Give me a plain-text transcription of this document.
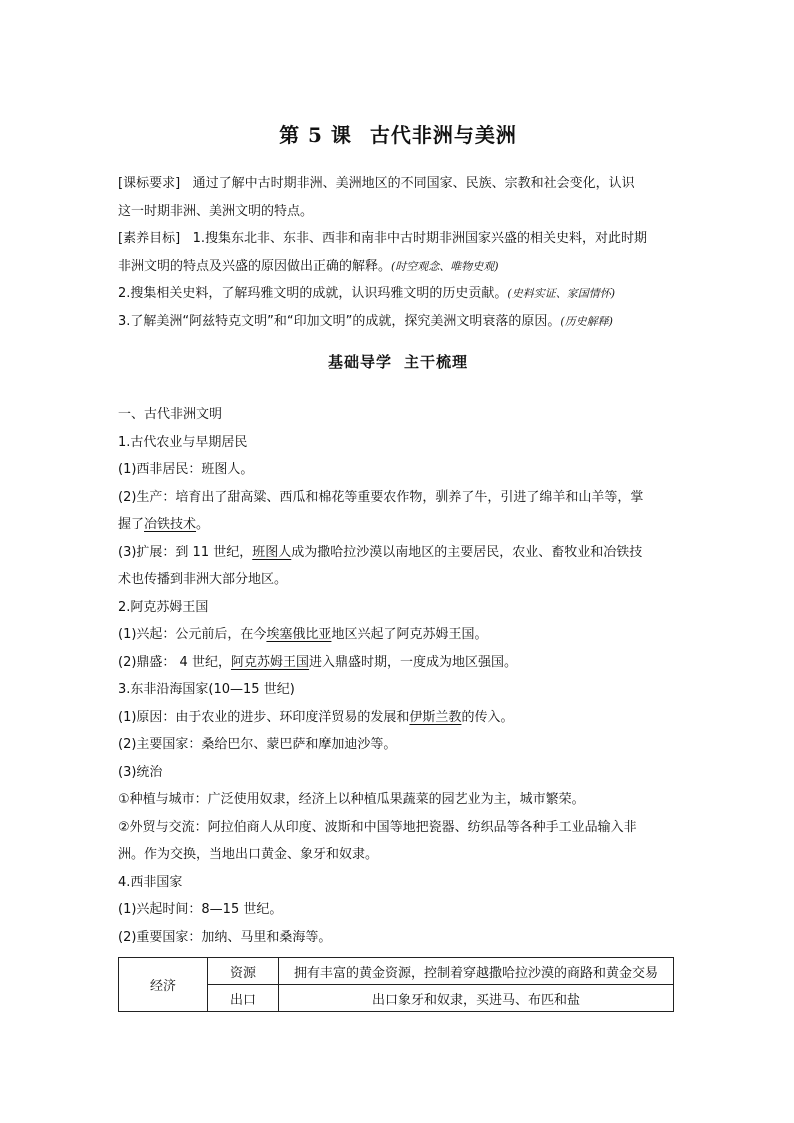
第 5 课 古代非洲与美洲

[课标要求] 通过了解中古时期非洲、美洲地区的不同国家、民族、宗教和社会变化，认识

这一时期非洲、美洲文明的特点。

[素养目标] 1.搜集东北非、东非、西非和南非中古时期非洲国家兴盛的相关史料，对此时期

非洲文明的特点及兴盛的原因做出正确的解释。(时空观念、唯物史观)

2.搜集相关史料，了解玛雅文明的成就，认识玛雅文明的历史贡献。(史料实证、家国情怀)

3.了解美洲“阿兹特克文明”和“印加文明”的成就，探究美洲文明衰落的原因。(历史解释)

基础导学 主干梳理

一、古代非洲文明

1.古代农业与早期居民

(1)西非居民：班图人。

(2)生产：培育出了甜高粱、西瓜和棉花等重要农作物，驯养了牛，引进了绵羊和山羊等，掌

握了冶铁技术。

(3)扩展：到 11 世纪，班图人成为撒哈拉沙漠以南地区的主要居民，农业、畜牧业和冶铁技

术也传播到非洲大部分地区。

2.阿克苏姆王国

(1)兴起：公元前后，在今埃塞俄比亚地区兴起了阿克苏姆王国。

(2)鼎盛： 4 世纪，阿克苏姆王国进入鼎盛时期，一度成为地区强国。

3.东非沿海国家(10—15 世纪)

(1)原因：由于农业的进步、环印度洋贸易的发展和伊斯兰教的传入。

(2)主要国家：桑给巴尔、蒙巴萨和摩加迪沙等。

(3)统治

①种植与城市：广泛使用奴隶，经济上以种植瓜果蔬菜的园艺业为主，城市繁荣。

②外贸与交流：阿拉伯商人从印度、波斯和中国等地把瓷器、纺织品等各种手工业品输入非

洲。作为交换，当地出口黄金、象牙和奴隶。

4.西非国家

(1)兴起时间：8—15 世纪。

(2)重要国家：加纳、马里和桑海等。

经济	资源	拥有丰富的黄金资源，控制着穿越撒哈拉沙漠的商路和黄金交易
	出口	出口象牙和奴隶，买进马、布匹和盐
